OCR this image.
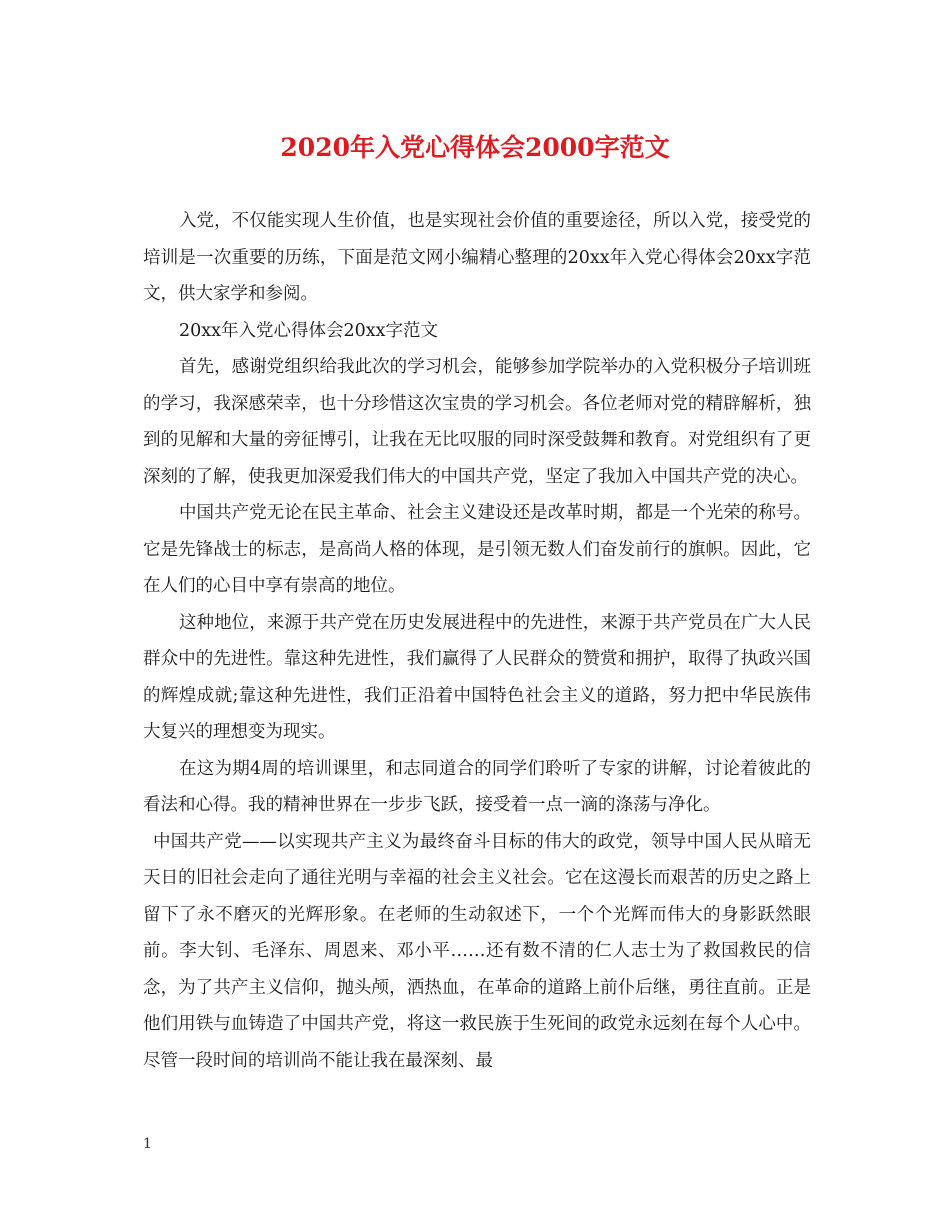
2020年入党心得体会2000字范文

入党，不仅能实现人生价值，也是实现社会价值的重要途径，所以入党，接受党的培训是一次重要的历练，下面是范文网小编精心整理的20xx年入党心得体会20xx字范文，供大家学和参阅。

20xx年入党心得体会20xx字范文

首先，感谢党组织给我此次的学习机会，能够参加学院举办的入党积极分子培训班的学习，我深感荣幸，也十分珍惜这次宝贵的学习机会。各位老师对党的精辟解析，独到的见解和大量的旁征博引，让我在无比叹服的同时深受鼓舞和教育。对党组织有了更深刻的了解，使我更加深爱我们伟大的中国共产党，坚定了我加入中国共产党的决心。

中国共产党无论在民主革命、社会主义建设还是改革时期，都是一个光荣的称号。它是先锋战士的标志，是高尚人格的体现，是引领无数人们奋发前行的旗帜。因此，它在人们的心目中享有崇高的地位。

这种地位，来源于共产党在历史发展进程中的先进性，来源于共产党员在广大人民群众中的先进性。靠这种先进性，我们赢得了人民群众的赞赏和拥护，取得了执政兴国的辉煌成就;靠这种先进性，我们正沿着中国特色社会主义的道路，努力把中华民族伟大复兴的理想变为现实。

在这为期4周的培训课里，和志同道合的同学们聆听了专家的讲解，讨论着彼此的看法和心得。我的精神世界在一步步飞跃，接受着一点一滴的涤荡与净化。

中国共产党——以实现共产主义为最终奋斗目标的伟大的政党，领导中国人民从暗无天日的旧社会走向了通往光明与幸福的社会主义社会。它在这漫长而艰苦的历史之路上留下了永不磨灭的光辉形象。在老师的生动叙述下，一个个光辉而伟大的身影跃然眼前。李大钊、毛泽东、周恩来、邓小平……还有数不清的仁人志士为了救国救民的信念，为了共产主义信仰，抛头颅，洒热血，在革命的道路上前仆后继，勇往直前。正是他们用铁与血铸造了中国共产党，将这一救民族于生死间的政党永远刻在每个人心中。尽管一段时间的培训尚不能让我在最深刻、最

1
